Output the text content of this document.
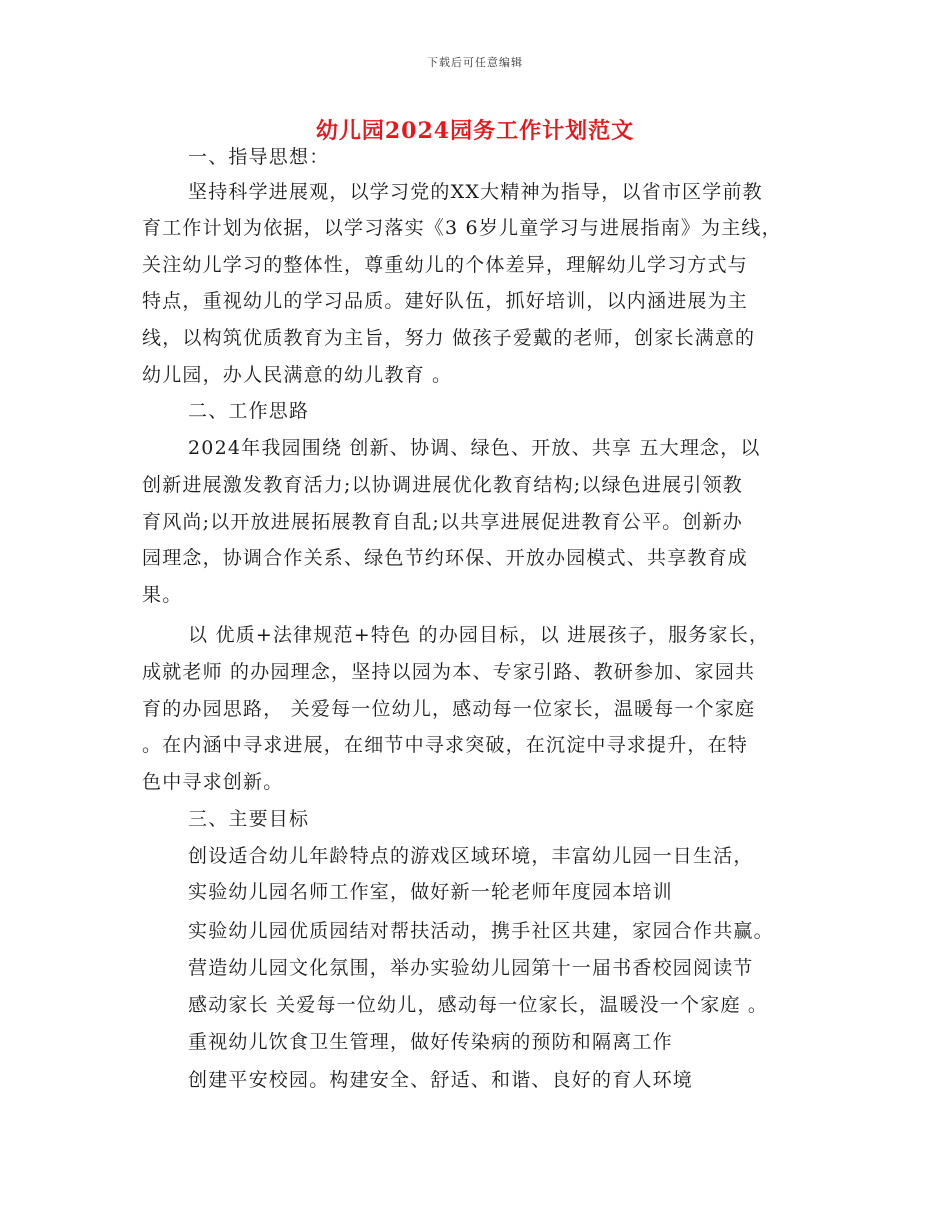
下载后可任意编辑
幼儿园2024园务工作计划范文
一、指导思想：
坚持科学进展观，以学习党的XX大精神为指导，以省市区学前教
育工作计划为依据，以学习落实《3 6岁儿童学习与进展指南》为主线，
关注幼儿学习的整体性，尊重幼儿的个体差异，理解幼儿学习方式与
特点，重视幼儿的学习品质。建好队伍，抓好培训，以内涵进展为主
线，以构筑优质教育为主旨，努力 做孩子爱戴的老师，创家长满意的
幼儿园，办人民满意的幼儿教育 。
二、工作思路
2024年我园围绕 创新、协调、绿色、开放、共享 五大理念，以
创新进展激发教育活力;以协调进展优化教育结构;以绿色进展引领教
育风尚;以开放进展拓展教育自乱;以共享进展促进教育公平。创新办
园理念，协调合作关系、绿色节约环保、开放办园模式、共享教育成
果。
以 优质+法律规范+特色 的办园目标，以 进展孩子，服务家长，
成就老师 的办园理念，坚持以园为本、专家引路、教研参加、家园共
育的办园思路， 关爱每一位幼儿，感动每一位家长，温暖每一个家庭
。在内涵中寻求进展，在细节中寻求突破，在沉淀中寻求提升，在特
色中寻求创新。
三、主要目标
创设适合幼儿年龄特点的游戏区域环境，丰富幼儿园一日生活，
实验幼儿园名师工作室，做好新一轮老师年度园本培训
实验幼儿园优质园结对帮扶活动，携手社区共建，家园合作共赢。
营造幼儿园文化氛围，举办实验幼儿园第十一届书香校园阅读节
感动家长 关爱每一位幼儿，感动每一位家长，温暖没一个家庭 。
重视幼儿饮食卫生管理，做好传染病的预防和隔离工作
创建平安校园。构建安全、舒适、和谐、良好的育人环境
